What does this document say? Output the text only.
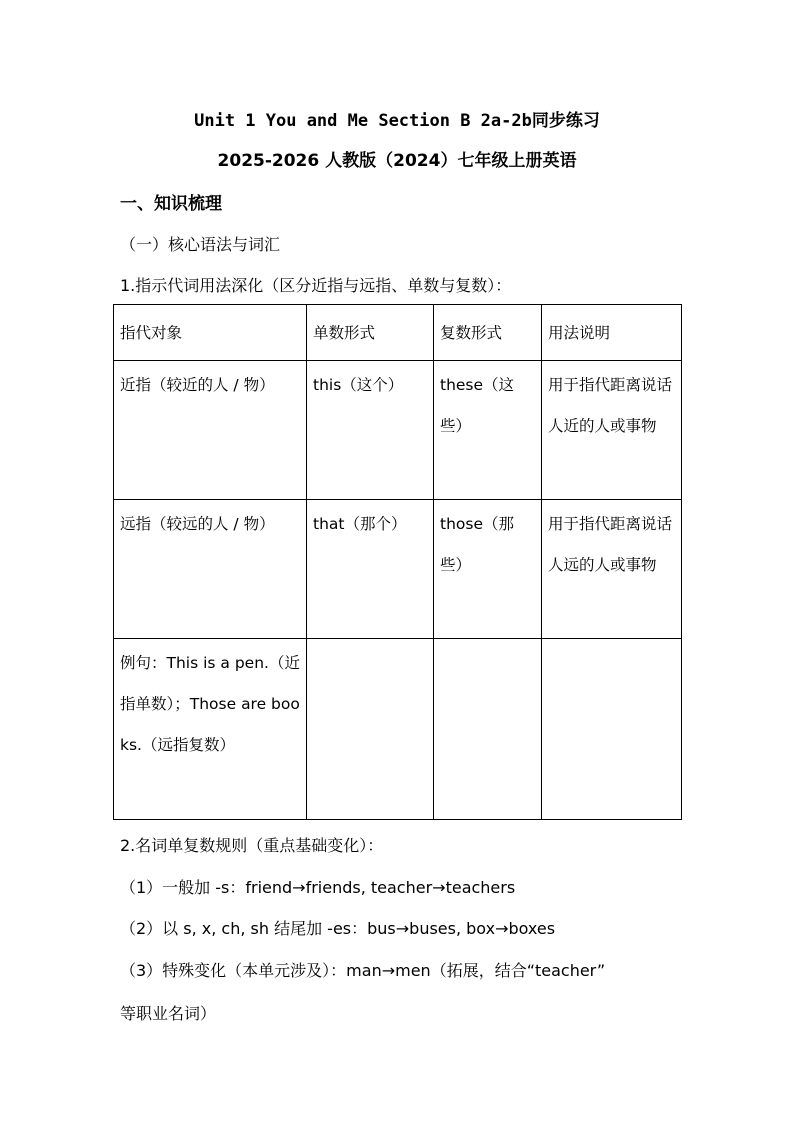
Unit 1 You and Me Section B 2a-2b同步练习
2025-2026 人教版（2024）七年级上册英语
一、知识梳理
（一）核心语法与词汇
1.指示代词用法深化（区分近指与远指、单数与复数）：
指代对象	单数形式	复数形式	用法说明
近指（较近的人 / 物）	this（这个）	these（这些）	用于指代距离说话人近的人或事物
远指（较远的人 / 物）	that（那个）	those（那些）	用于指代距离说话人远的人或事物
例句：This is a pen.（近指单数）；Those are books.（远指复数）			
2.名词单复数规则（重点基础变化）：
（1）一般加 -s：friend→friends, teacher→teachers
（2）以 s, x, ch, sh 结尾加 -es：bus→buses, box→boxes
（3）特殊变化（本单元涉及）：man→men（拓展，结合“teacher”
等职业名词）
